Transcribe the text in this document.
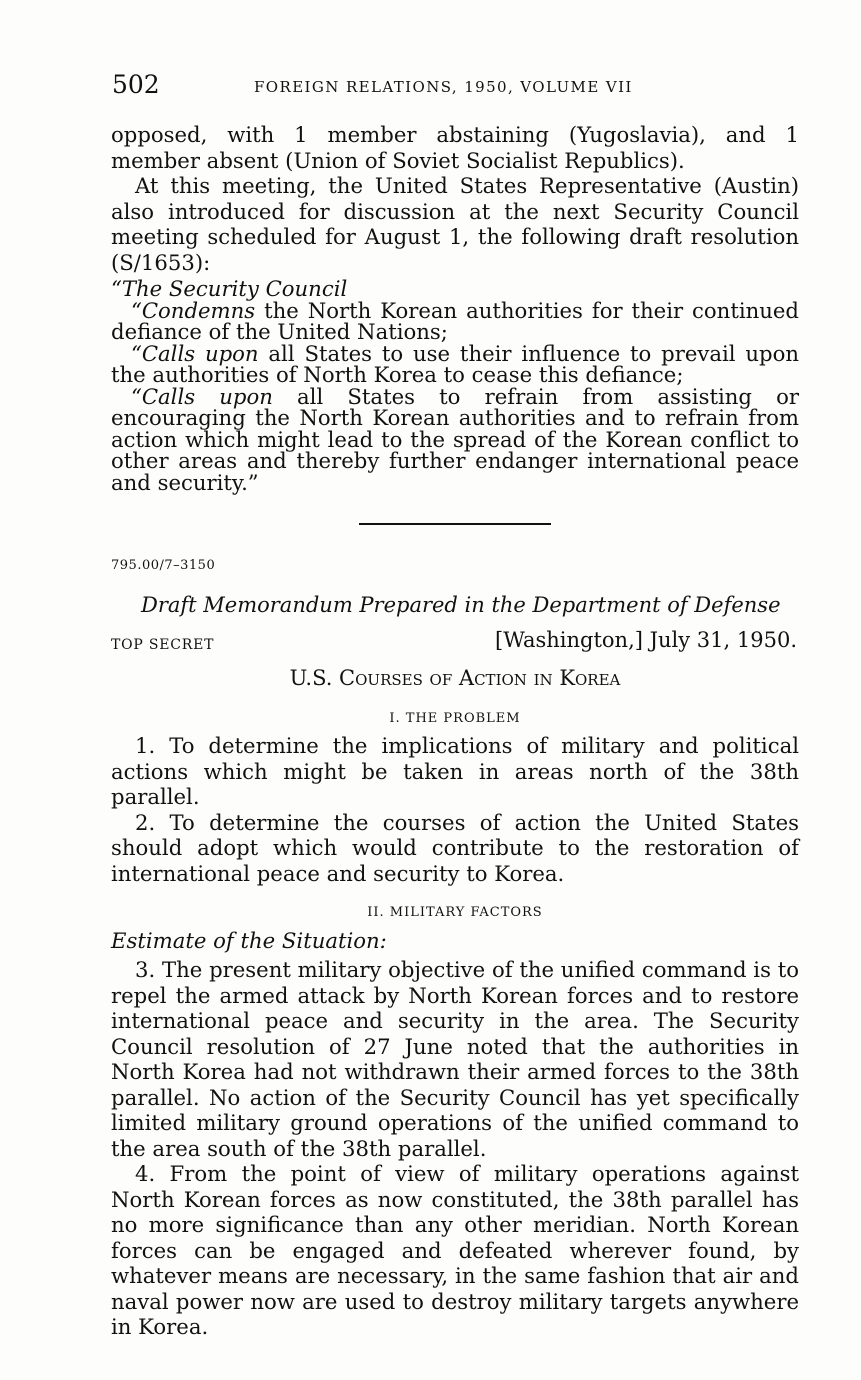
502	FOREIGN RELATIONS, 1950, VOLUME VII

opposed, with 1 member abstaining (Yugoslavia), and 1 member absent (Union of Soviet Socialist Republics).

At this meeting, the United States Representative (Austin) also introduced for discussion at the next Security Council meeting scheduled for August 1, the following draft resolution (S/1653):

“The Security Council

“Condemns the North Korean authorities for their continued defiance of the United Nations;

“Calls upon all States to use their influence to prevail upon the authorities of North Korea to cease this defiance;

“Calls upon all States to refrain from assisting or encouraging the North Korean authorities and to refrain from action which might lead to the spread of the Korean conflict to other areas and thereby further endanger international peace and security.”

795.00/7–3150

Draft Memorandum Prepared in the Department of Defense

TOP SECRET	[Washington,] July 31, 1950.

U.S. Courses of Action in Korea

I. THE PROBLEM

1. To determine the implications of military and political actions which might be taken in areas north of the 38th parallel.

2. To determine the courses of action the United States should adopt which would contribute to the restoration of international peace and security to Korea.

II. MILITARY FACTORS

Estimate of the Situation:

3. The present military objective of the unified command is to repel the armed attack by North Korean forces and to restore international peace and security in the area. The Security Council resolution of 27 June noted that the authorities in North Korea had not withdrawn their armed forces to the 38th parallel. No action of the Security Council has yet specifically limited military ground operations of the unified command to the area south of the 38th parallel.

4. From the point of view of military operations against North Korean forces as now constituted, the 38th parallel has no more significance than any other meridian. North Korean forces can be engaged and defeated wherever found, by whatever means are necessary, in the same fashion that air and naval power now are used to destroy military targets anywhere in Korea.
